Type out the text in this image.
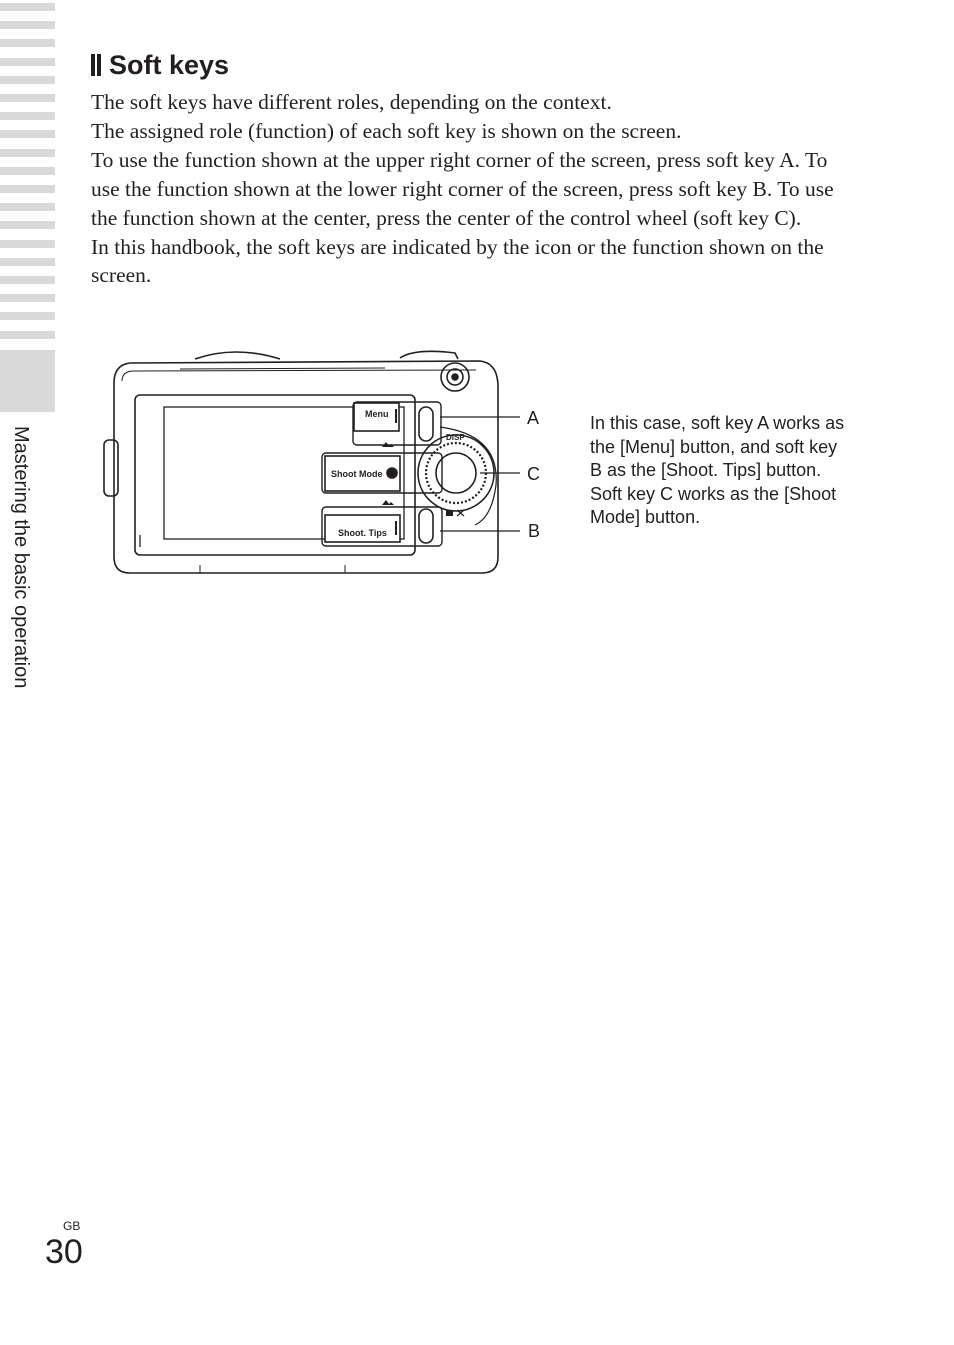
Mastering the basic operation
Soft keys

The soft keys have different roles, depending on the context.

The assigned role (function) of each soft key is shown on the screen.

To use the function shown at the upper right corner of the screen, press soft key A. To use the function shown at the lower right corner of the screen, press soft key B. To use the function shown at the center, press the center of the control wheel (soft key C).

In this handbook, the soft keys are indicated by the icon or the function shown on the screen.

Menu
Shoot Mode
Shoot. Tips
DISP
A
C
B
In this case, soft key A works as the [Menu] button, and soft key B as the [Shoot. Tips] button. Soft key C works as the [Shoot Mode] button.
GB
30
